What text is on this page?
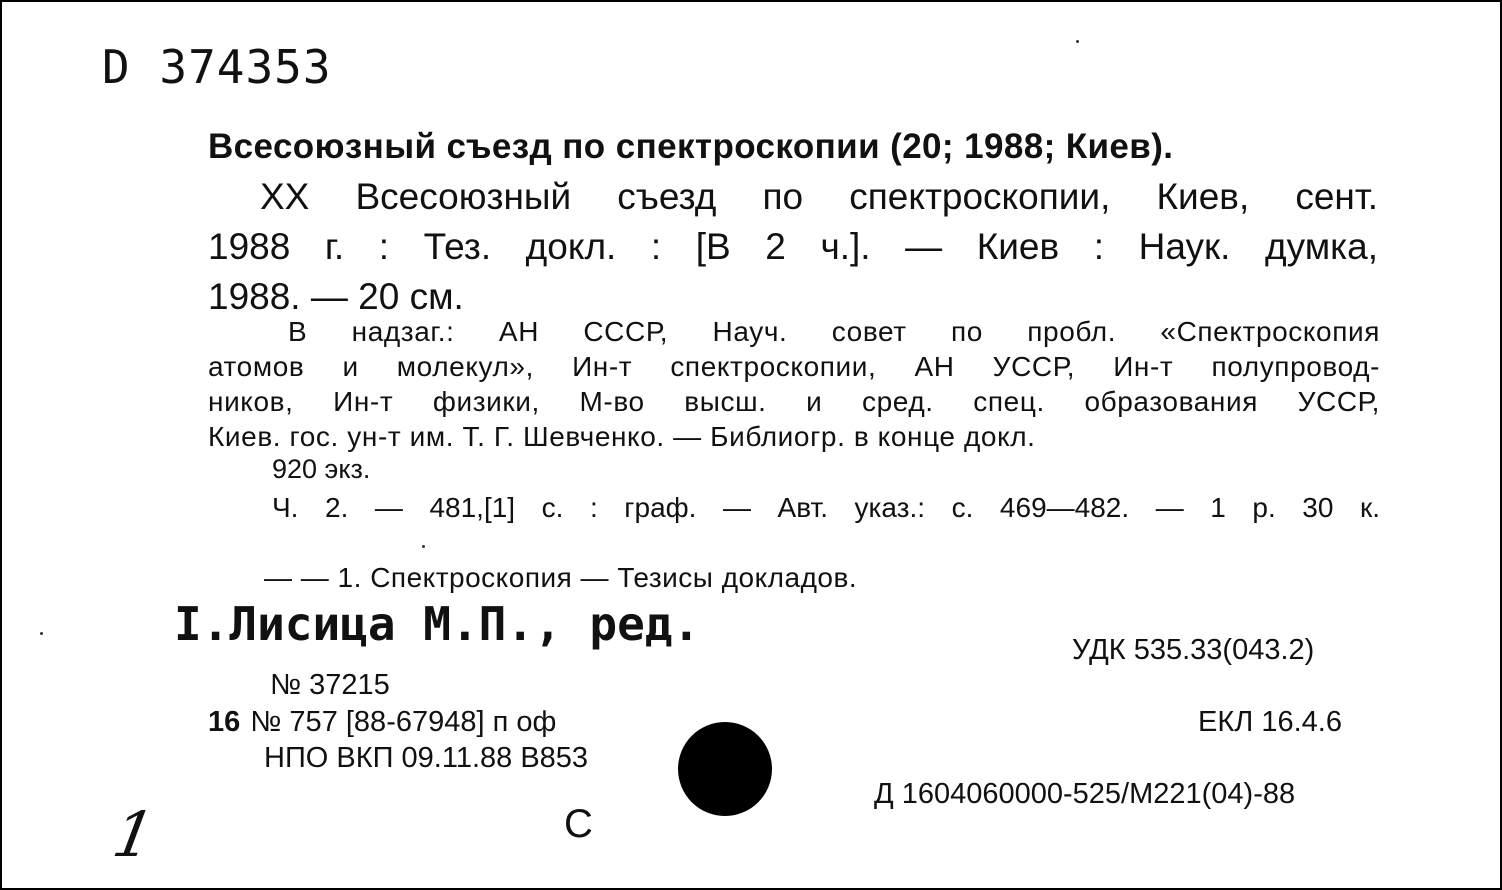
D 374353
Всесоюзный съезд по спектроскопии (20; 1988; Киев).
XX Всесоюзный съезд по спектроскопии, Киев, сент.
1988 г. : Тез. докл. : [В 2 ч.]. — Киев : Наук. думка,
1988. — 20 см.
В надзаг.: АН СССР, Науч. совет по пробл. «Спектроскопия
атомов и молекул», Ин-т спектроскопии, АН УССР, Ин-т полупровод-
ников, Ин-т физики, М-во высш. и сред. спец. образования УССР,
Киев. гос. ун-т им. Т. Г. Шевченко. — Библиогр. в конце докл.
920 экз.
Ч. 2. — 481,[1] с. : граф. — Авт. указ.: с. 469—482. — 1 р. 30 к.
— — 1. Спектроскопия — Тезисы докладов.
I.Лисица М.П., ред.	УДК 535.33(043.2)
№ 37215
16 № 757 [88-67948] п оф	ЕКЛ 16.4.6
НПО ВКП 09.11.88 В853
Д 1604060000-525/М221(04)-88
С
1
